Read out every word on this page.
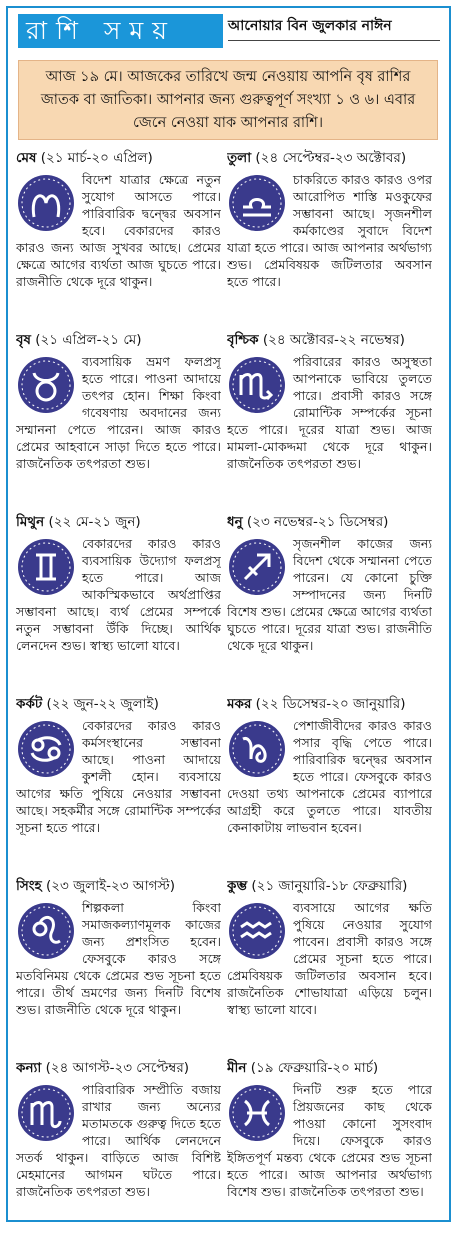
রাশি সময়	আনোয়ার বিন জুলকার নাঈন
আজ ১৯ মে। আজকের তারিখে জন্ম নেওয়ায় আপনি বৃষ রাশির জাতক বা জাতিকা। আপনার জন্য গুরুত্বপূর্ণ সংখ্যা ১ ও ৬। এবার জেনে নেওয়া যাক আপনার রাশি।
মেষ (২১ মার্চ-২০ এপ্রিল)
বিদেশ যাত্রার ক্ষেত্রে নতুন সুযোগ আসতে পারে। পারিবারিক দ্বন্দ্বের অবসান হবে। বেকারদের কারও কারও জন্য আজ সুখবর আছে। প্রেমের ক্ষেত্রে আগের ব্যর্থতা আজ ঘুচতে পারে। রাজনীতি থেকে দূরে থাকুন।
বৃষ (২১ এপ্রিল-২১ মে)
ব্যবসায়িক ভ্রমণ ফলপ্রসূ হতে পারে। পাওনা আদায়ে তৎপর হোন। শিক্ষা কিংবা গবেষণায় অবদানের জন্য সম্মাননা পেতে পারেন। আজ কারও প্রেমের আহবানে সাড়া দিতে হতে পারে। রাজনৈতিক তৎপরতা শুভ।
মিথুন (২২ মে-২১ জুন)
বেকারদের কারও কারও ব্যবসায়িক উদ্যোগ ফলপ্রসূ হতে পারে। আজ আকস্মিকভাবে অর্থপ্রাপ্তির সম্ভাবনা আছে। ব্যর্থ প্রেমের সম্পর্কে নতুন সম্ভাবনা উঁকি দিচ্ছে। আর্থিক লেনদেন শুভ। স্বাস্থ্য ভালো যাবে।
কর্কট (২২ জুন-২২ জুলাই)
বেকারদের কারও কারও কর্মসংস্থানের সম্ভাবনা আছে। পাওনা আদায়ে কুশলী হোন। ব্যবসায়ে আগের ক্ষতি পুষিয়ে নেওয়ার সম্ভাবনা আছে। সহকর্মীর সঙ্গে রোমান্টিক সম্পর্কের সূচনা হতে পারে।
সিংহ (২৩ জুলাই-২৩ আগস্ট)
শিল্পকলা কিংবা সমাজকল্যাণমূলক কাজের জন্য প্রশংসিত হবেন। ফেসবুকে কারও সঙ্গে মতবিনিময় থেকে প্রেমের শুভ সূচনা হতে পারে। তীর্থ ভ্রমণের জন্য দিনটি বিশেষ শুভ। রাজনীতি থেকে দূরে থাকুন।
কন্যা (২৪ আগস্ট-২৩ সেপ্টেম্বর)
পারিবারিক সম্প্রীতি বজায় রাখার জন্য অন্যের মতামতকে গুরুত্ব দিতে হতে পারে। আর্থিক লেনদেনে সতর্ক থাকুন। বাড়িতে আজ বিশিষ্ট মেহমানের আগমন ঘটতে পারে। রাজনৈতিক তৎপরতা শুভ।
তুলা (২৪ সেপ্টেম্বর-২৩ অক্টোবর)
চাকরিতে কারও কারও ওপর আরোপিত শাস্তি মওকুফের সম্ভাবনা আছে। সৃজনশীল কর্মকাণ্ডের সুবাদে বিদেশ যাত্রা হতে পারে। আজ আপনার অর্থভাগ্য শুভ। প্রেমবিষয়ক জটিলতার অবসান হতে পারে।
বৃশ্চিক (২৪ অক্টোবর-২২ নভেম্বর)
পরিবারের কারও অসুস্থতা আপনাকে ভাবিয়ে তুলতে পারে। প্রবাসী কারও সঙ্গে রোমান্টিক সম্পর্কের সূচনা হতে পারে। দূরের যাত্রা শুভ। আজ মামলা-মোকদ্দমা থেকে দূরে থাকুন। রাজনৈতিক তৎপরতা শুভ।
ধনু (২৩ নভেম্বর-২১ ডিসেম্বর)
সৃজনশীল কাজের জন্য বিদেশ থেকে সম্মাননা পেতে পারেন। যে কোনো চুক্তি সম্পাদনের জন্য দিনটি বিশেষ শুভ। প্রেমের ক্ষেত্রে আগের ব্যর্থতা ঘুচতে পারে। দূরের যাত্রা শুভ। রাজনীতি থেকে দূরে থাকুন।
মকর (২২ ডিসেম্বর-২০ জানুয়ারি)
পেশাজীবীদের কারও কারও পসার বৃদ্ধি পেতে পারে। পারিবারিক দ্বন্দ্বের অবসান হতে পারে। ফেসবুকে কারও দেওয়া তথ্য আপনাকে প্রেমের ব্যাপারে আগ্রহী করে তুলতে পারে। যাবতীয় কেনাকাটায় লাভবান হবেন।
কুম্ভ (২১ জানুয়ারি-১৮ ফেব্রুয়ারি)
ব্যবসায়ে আগের ক্ষতি পুষিয়ে নেওয়ার সুযোগ পাবেন। প্রবাসী কারও সঙ্গে প্রেমের সূচনা হতে পারে। প্রেমবিষয়ক জটিলতার অবসান হবে। রাজনৈতিক শোভাযাত্রা এড়িয়ে চলুন। স্বাস্থ্য ভালো যাবে।
মীন (১৯ ফেব্রুয়ারি-২০ মার্চ)
দিনটি শুরু হতে পারে প্রিয়জনের কাছ থেকে পাওয়া কোনো সুসংবাদ দিয়ে। ফেসবুকে কারও ইঙ্গিতপূর্ণ মন্তব্য থেকে প্রেমের শুভ সূচনা হতে পারে। আজ আপনার অর্থভাগ্য বিশেষ শুভ। রাজনৈতিক তৎপরতা শুভ।
